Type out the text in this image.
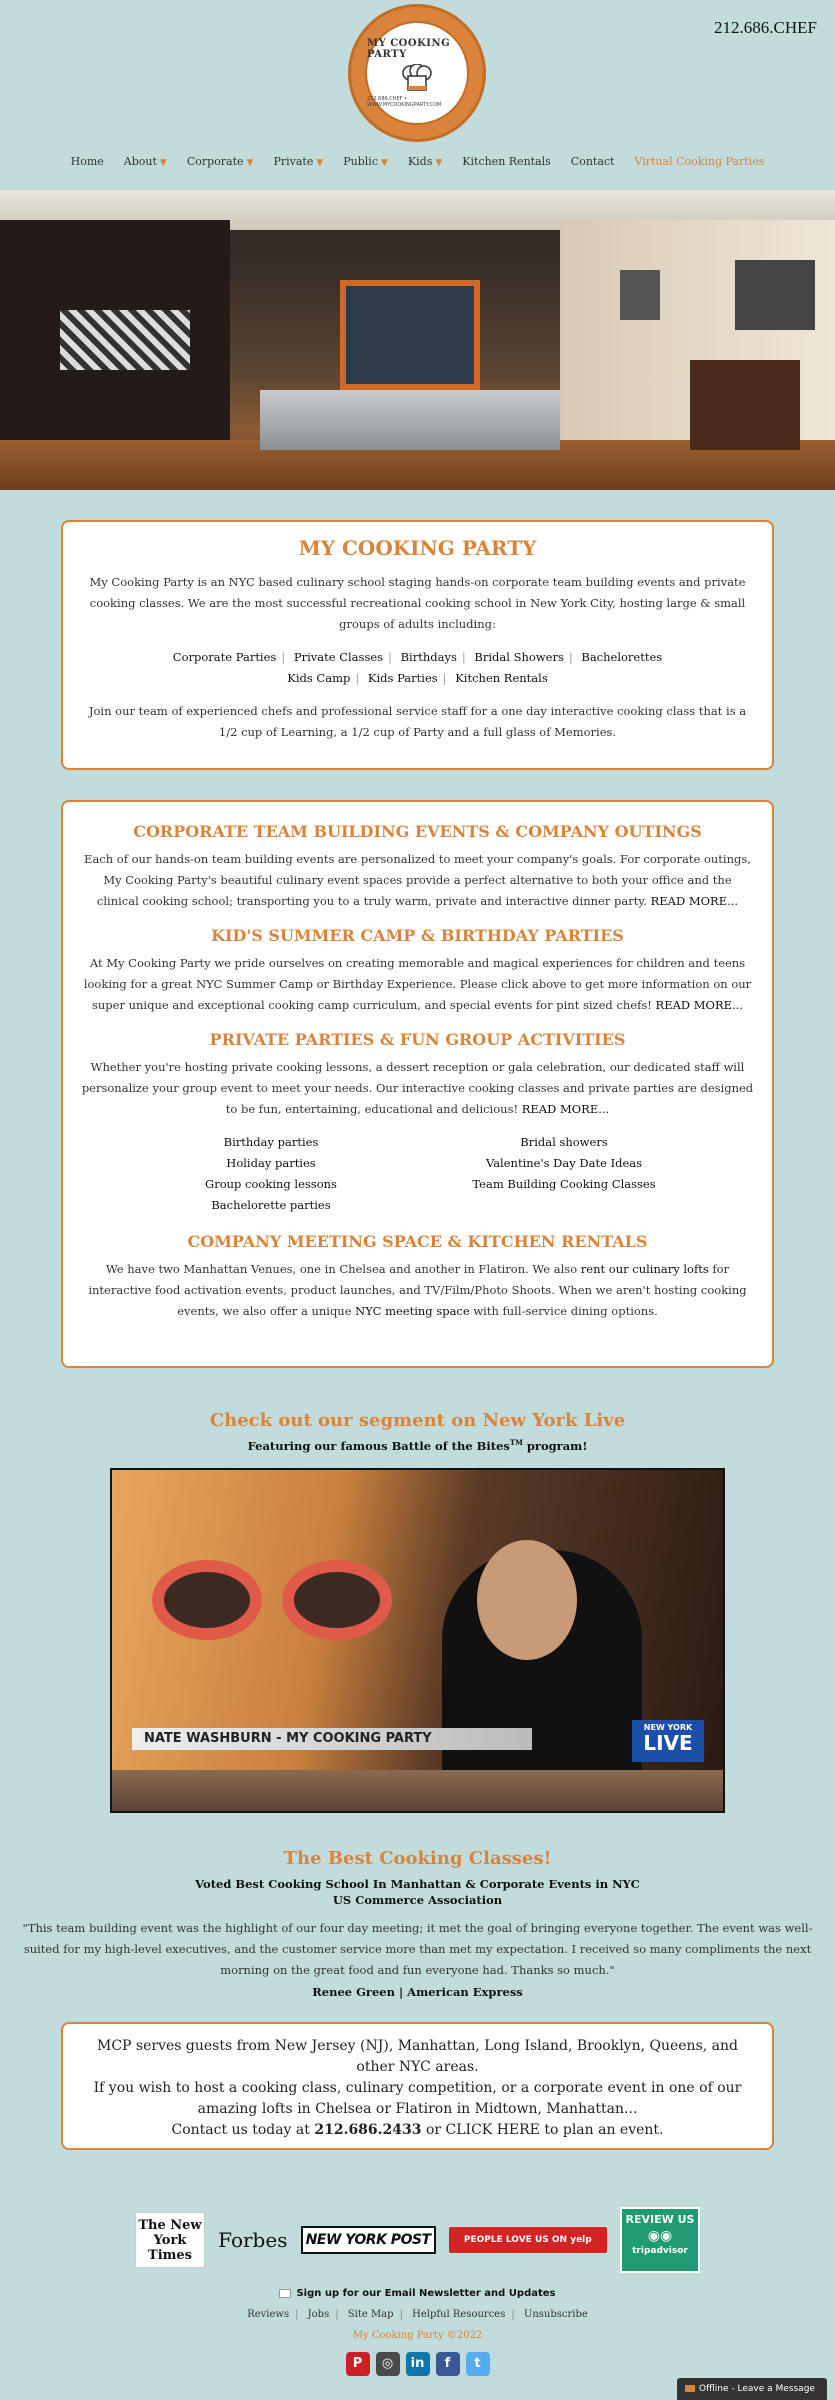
MY COOKING PARTY
212.686.CHEF • WWW.MYCOOKINGPARTY.COM
212.686.CHEF
Home	About ▼	Corporate ▼	Private ▼	Public ▼	Kids ▼	Kitchen Rentals	Contact	Virtual Cooking Parties
MY COOKING PARTY

My Cooking Party is an NYC based culinary school staging hands-on corporate team building events and private cooking classes. We are the most successful recreational cooking school in New York City, hosting large & small groups of adults including:

Corporate Parties | Private Classes | Birthdays | Bridal Showers | Bachelorettes
Kids Camp | Kids Parties | Kitchen Rentals

Join our team of experienced chefs and professional service staff for a one day interactive cooking class that is a 1/2 cup of Learning, a 1/2 cup of Party and a full glass of Memories.

CORPORATE TEAM BUILDING EVENTS & COMPANY OUTINGS

Each of our hands-on team building events are personalized to meet your company's goals. For corporate outings, My Cooking Party's beautiful culinary event spaces provide a perfect alternative to both your office and the clinical cooking school; transporting you to a truly warm, private and interactive dinner party. READ MORE...

KID'S SUMMER CAMP & BIRTHDAY PARTIES

At My Cooking Party we pride ourselves on creating memorable and magical experiences for children and teens looking for a great NYC Summer Camp or Birthday Experience. Please click above to get more information on our super unique and exceptional cooking camp curriculum, and special events for pint sized chefs! READ MORE...

PRIVATE PARTIES & FUN GROUP ACTIVITIES

Whether you're hosting private cooking lessons, a dessert reception or gala celebration, our dedicated staff will personalize your group event to meet your needs. Our interactive cooking classes and private parties are designed to be fun, entertaining, educational and delicious! READ MORE...

Birthday parties
Holiday parties
Group cooking lessons
Bachelorette parties
Bridal showers
Valentine's Day Date Ideas
Team Building Cooking Classes
COMPANY MEETING SPACE & KITCHEN RENTALS

We have two Manhattan Venues, one in Chelsea and another in Flatiron. We also rent our culinary lofts for interactive food activation events, product launches, and TV/Film/Photo Shoots. When we aren't hosting cooking events, we also offer a unique NYC meeting space with full-service dining options.

Check out our segment on New York Live
Featuring our famous Battle of the Bites™ program!
NATE WASHBURN - MY COOKING PARTY
NEW YORK
LIVE
The Best Cooking Classes!
Voted Best Cooking School In Manhattan & Corporate Events in NYC
US Commerce Association
"This team building event was the highlight of our four day meeting; it met the goal of bringing everyone together. The event was well-suited for my high-level executives, and the customer service more than met my expectation. I received so many compliments the next morning on the great food and fun everyone had. Thanks so much."
Renee Green | American Express

MCP serves guests from New Jersey (NJ), Manhattan, Long Island, Brooklyn, Queens, and other NYC areas.

If you wish to host a cooking class, culinary competition, or a corporate event in one of our amazing lofts in Chelsea or Flatiron in Midtown, Manhattan...

Contact us today at 212.686.2433 or CLICK HERE to plan an event.

The New York Times
Forbes	NEW YORK POST	PEOPLE LOVE US ON yelp
REVIEW US
◉◉
tripadvisor
Sign up for our Email Newsletter and Updates
Reviews | Jobs | Site Map | Helpful Resources | Unsubscribe
My Cooking Party ©2022
P	◎	in	f	t
Offline - Leave a Message
